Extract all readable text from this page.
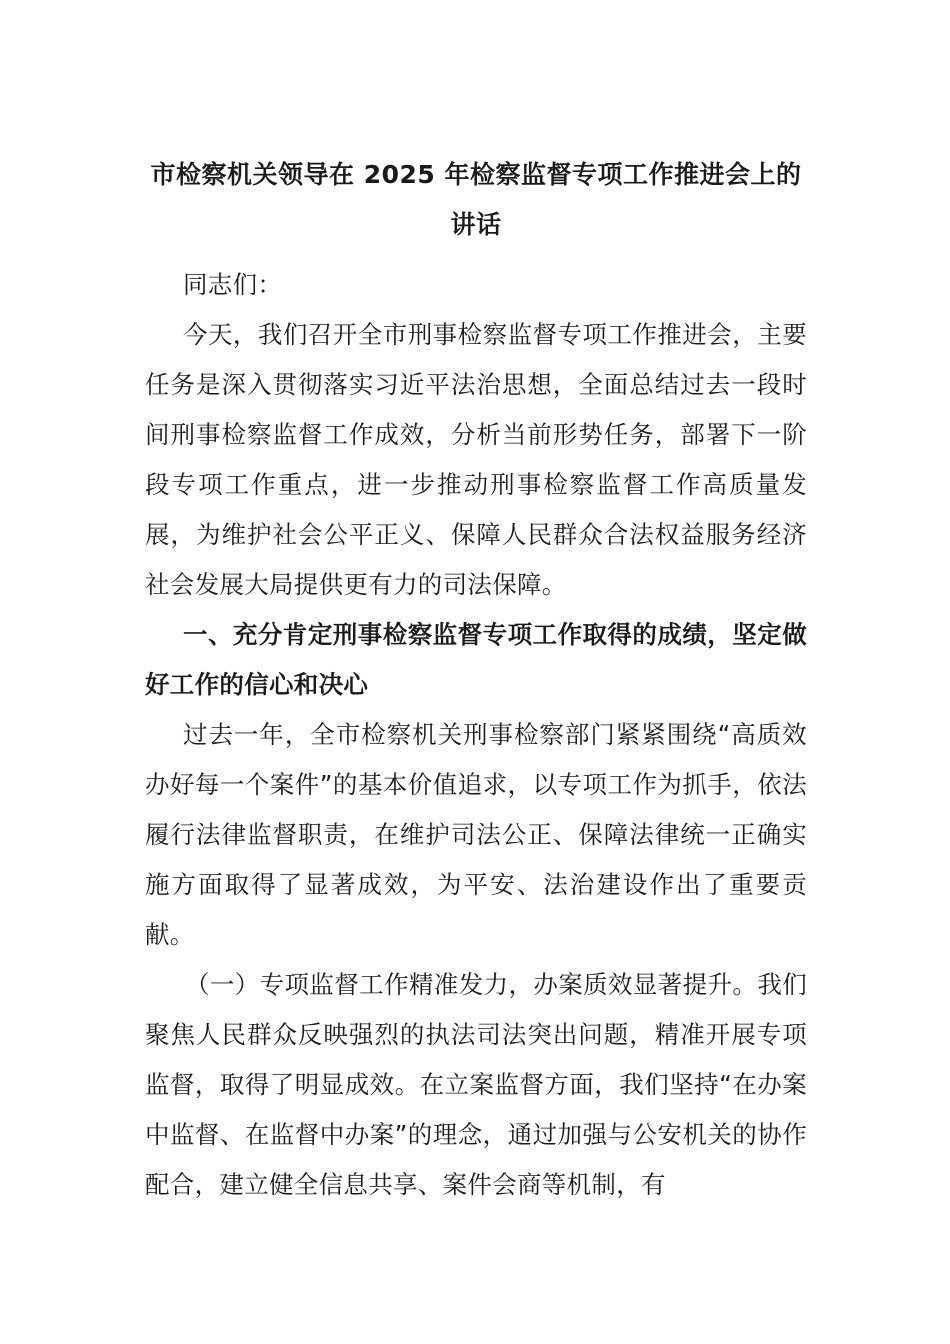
市检察机关领导在 2025 年检察监督专项工作推进会上的
讲话

同志们：

今天，我们召开全市刑事检察监督专项工作推进会，主要任务是深入贯彻落实习近平法治思想，全面总结过去一段时间刑事检察监督工作成效，分析当前形势任务，部署下一阶段专项工作重点，进一步推动刑事检察监督工作高质量发展，为维护社会公平正义、保障人民群众合法权益服务经济社会发展大局提供更有力的司法保障。

一、充分肯定刑事检察监督专项工作取得的成绩，坚定做好工作的信心和决心

过去一年，全市检察机关刑事检察部门紧紧围绕“高质效办好每一个案件”的基本价值追求，以专项工作为抓手，依法履行法律监督职责，在维护司法公正、保障法律统一正确实施方面取得了显著成效，为平安、法治建设作出了重要贡献。

（一）专项监督工作精准发力，办案质效显著提升。我们聚焦人民群众反映强烈的执法司法突出问题，精准开展专项监督，取得了明显成效。在立案监督方面，我们坚持“在办案中监督、在监督中办案”的理念，通过加强与公安机关的协作配合，建立健全信息共享、案件会商等机制，有
